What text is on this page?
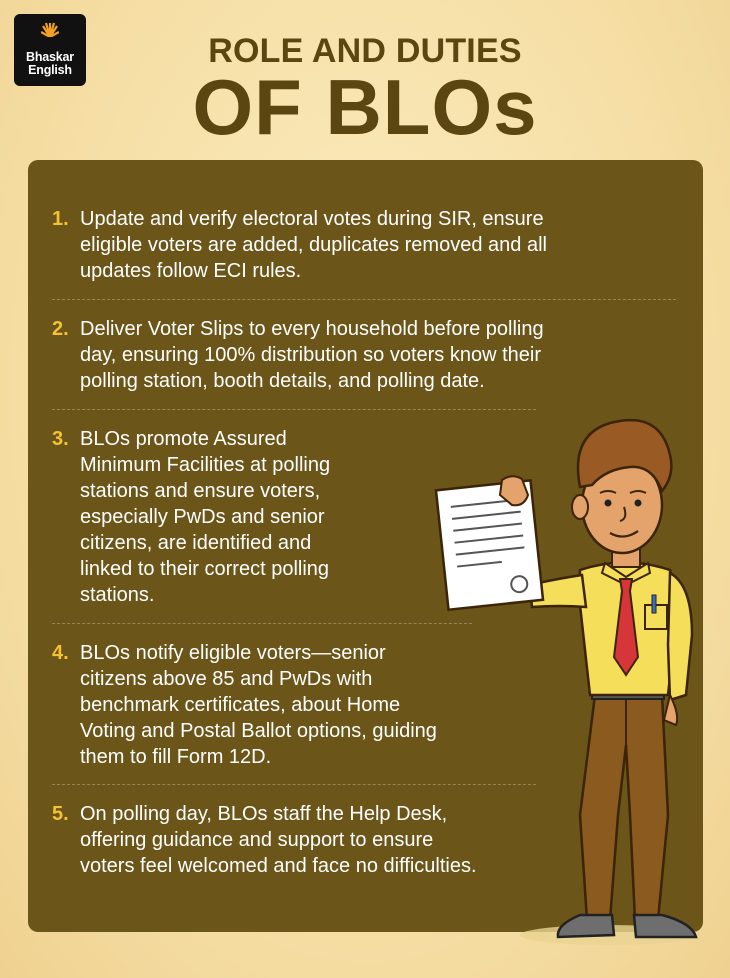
Bhaskar
English	ROLE AND DUTIES
OF BLOs
1. Update and verify electoral votes during SIR, ensure
eligible voters are added, duplicates removed and all
updates follow ECI rules.
2. Deliver Voter Slips to every household before polling
day, ensuring 100% distribution so voters know their
polling station, booth details, and polling date.
3. BLOs promote Assured
Minimum Facilities at polling
stations and ensure voters,
especially PwDs and senior
citizens, are identified and
linked to their correct polling
stations.
4. BLOs notify eligible voters—senior
citizens above 85 and PwDs with
benchmark certificates, about Home
Voting and Postal Ballot options, guiding
them to fill Form 12D.
5. On polling day, BLOs staff the Help Desk,
offering guidance and support to ensure
voters feel welcomed and face no difficulties.
